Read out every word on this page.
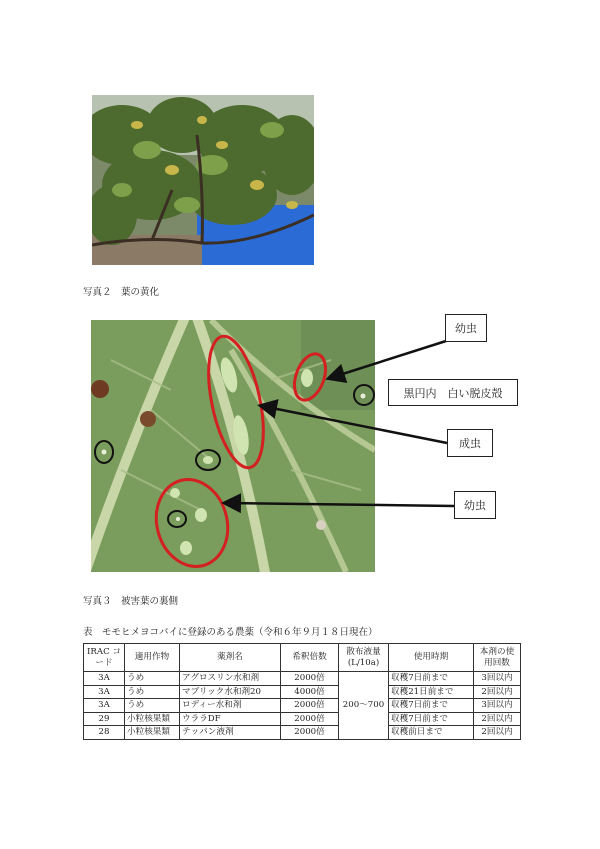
写真２　葉の黄化
幼虫
黒円内　白い脱皮殻
成虫
幼虫
写真３　被害葉の裏側
表　モモヒメヨコバイに登録のある農薬（令和６年９月１８日現在）
IRAC コード	適用作物	薬剤名	希釈倍数	散布液量 (L/10a)	使用時期	本剤の使 用回数
3A	うめ	アグロスリン水和剤	2000倍	200～700	収穫7日前まで	3回以内
3A	うめ	マブリック水和剤20	4000倍		収穫21日前まで	2回以内
3A	うめ	ロディー水和剤	2000倍		収穫7日前まで	3回以内
29	小粒核果類	ウララDF	2000倍		収穫7日前まで	2回以内
28	小粒核果類	テッパン液剤	2000倍		収穫前日まで	2回以内
